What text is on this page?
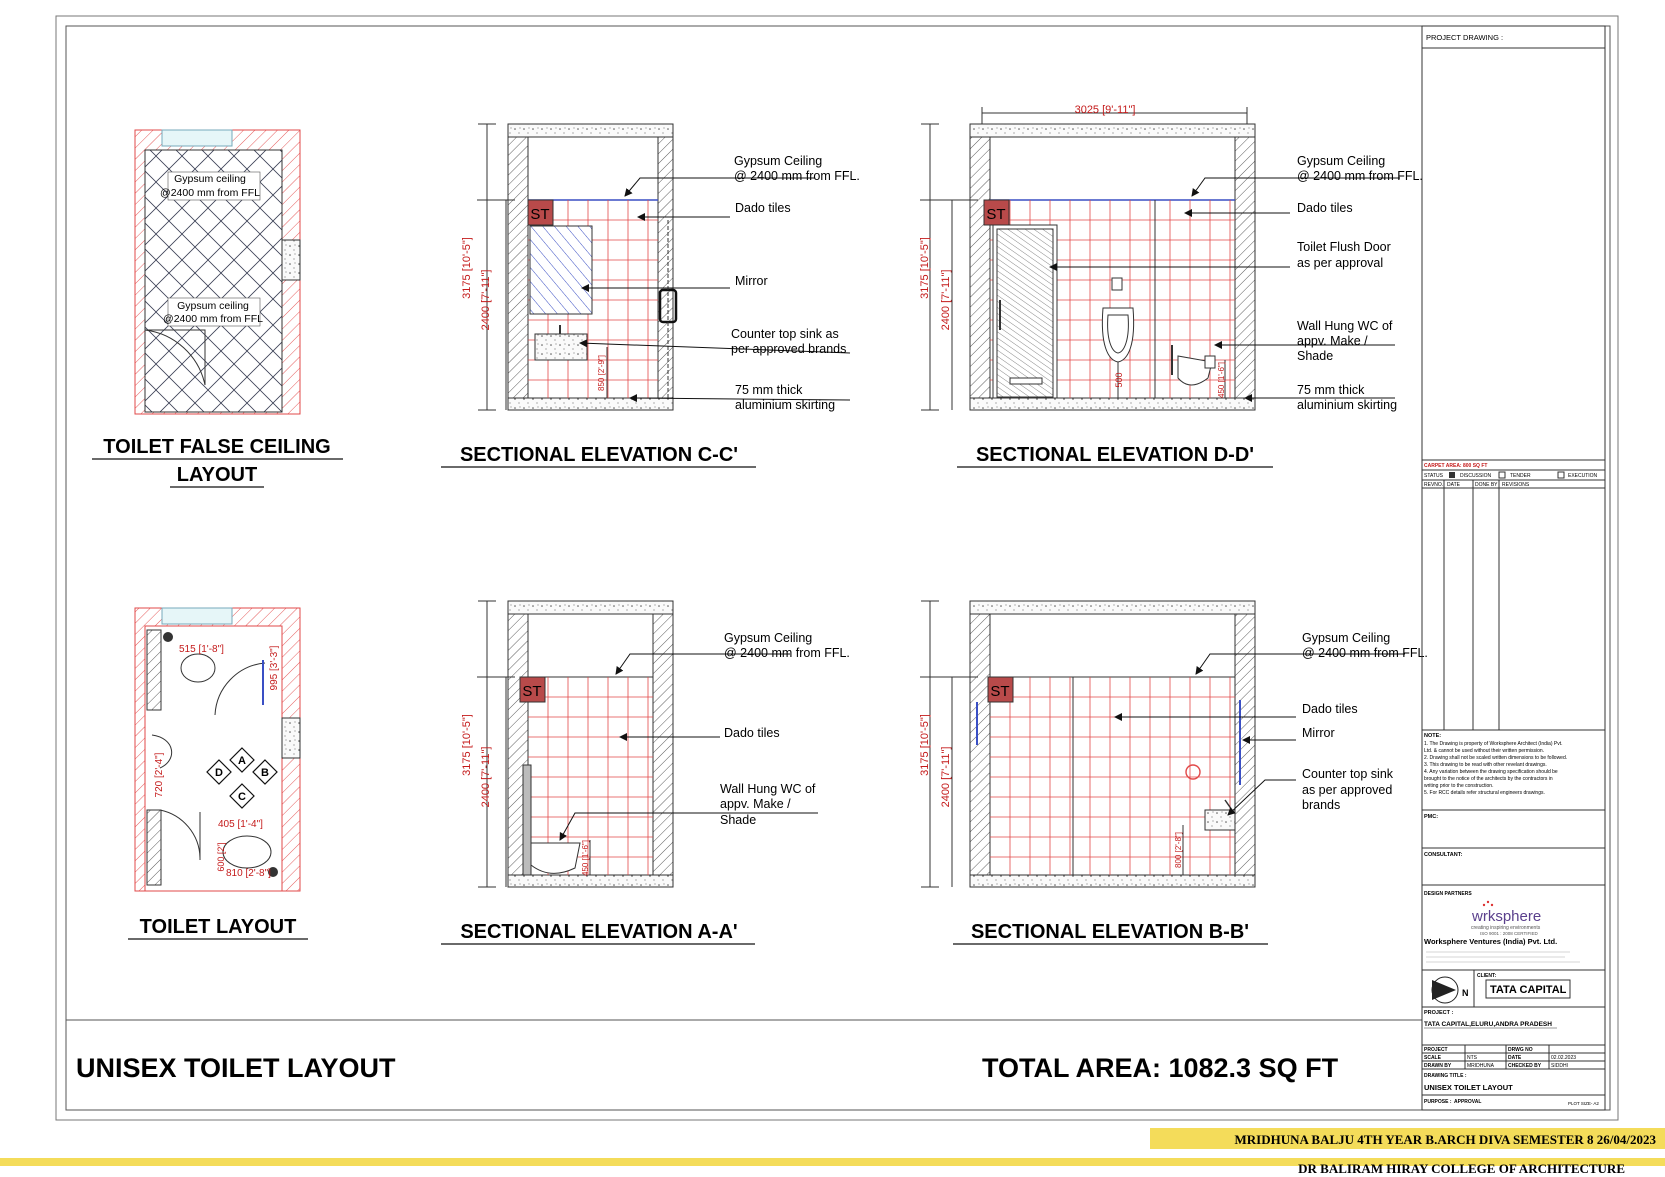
Gypsum ceiling
@2400 mm from FFL
Gypsum ceiling
@2400 mm from FFL
TOILET FALSE CEILING
LAYOUT
ST
3175 [10'-5"]
2400 [7'-11"]
850 [2'-9"]
Gypsum Ceiling
@ 2400 mm from FFL.
Dado tiles
Mirror
Counter top sink as
per approved brands
75 mm thick
aluminium skirting
SECTIONAL ELEVATION C-C'
ST
3025 [9'-11"]
3175 [10'-5"]
2400 [7'-11"]
500	450 [1'-6"]
Gypsum Ceiling
@ 2400 mm from FFL.
Dado tiles
Toilet Flush Door
as per approval
Wall Hung WC of
appv. Make /
Shade
75 mm thick
aluminium skirting
SECTIONAL ELEVATION D-D'
A
B
C
D
515 [1'-8"]	995 [3'-3"]
720 [2'-4"]
405 [1'-4"]
600 [2']
810 [2'-8"]
TOILET LAYOUT
ST
3175 [10'-5"]
2400 [7'-11"]
450 [1'-6"]
Gypsum Ceiling
@ 2400 mm from FFL.
Dado tiles
Wall Hung WC of
appv. Make /
Shade
SECTIONAL ELEVATION A-A'
ST
3175 [10'-5"]
2400 [7'-11"]
800 [2'-8"]
Gypsum Ceiling
@ 2400 mm from FFL.
Dado tiles
Mirror
Counter top sink
as per approved
brands
SECTIONAL ELEVATION B-B'
UNISEX TOILET LAYOUT	TOTAL AREA: 1082.3 SQ FT
PROJECT DRAWING :
CARPET AREA: 800 SQ FT
STATUS	DISCUSSION	TENDER	EXECUTION
REVNO. DATE	DONE BY REVISIONS
NOTE:
1. The Drawing is property of Worksphere Architect (India) Pvt.
Ltd. & cannot be used without their written permission.
2. Drawing shall not be scaled written dimensions to be followed.
3. This drawing to be read with other revelant drawings.
4. Any variation between the drawing specification should be
brought to the notice of the architects by the contractors in
writing prior to the construction.
5. For RCC details refer structural engineers drawings.
PMC:
CONSULTANT:
DESIGN PARTNERS
wrksphere
creating inspiring environments
ISO 9001 : 2008 CERTIFIED
Worksphere Ventures (India) Pvt. Ltd.
N
CLIENT:
TATA CAPITAL
PROJECT :
TATA CAPITAL,ELURU,ANDRA PRADESH
PROJECT	DRWG NO
SCALE	NTS	DATE	02.02.2023
DRAWN BY	MRIDHUNA	CHECKED BY SIDDHI
DRAWING TITLE :
UNISEX TOILET LAYOUT
PURPOSE : APPROVAL	PLOT SIZE- A2
MRIDHUNA BALJU 4TH YEAR B.ARCH DIVA SEMESTER 8 26/04/2023
DR BALIRAM HIRAY COLLEGE OF ARCHITECTURE
